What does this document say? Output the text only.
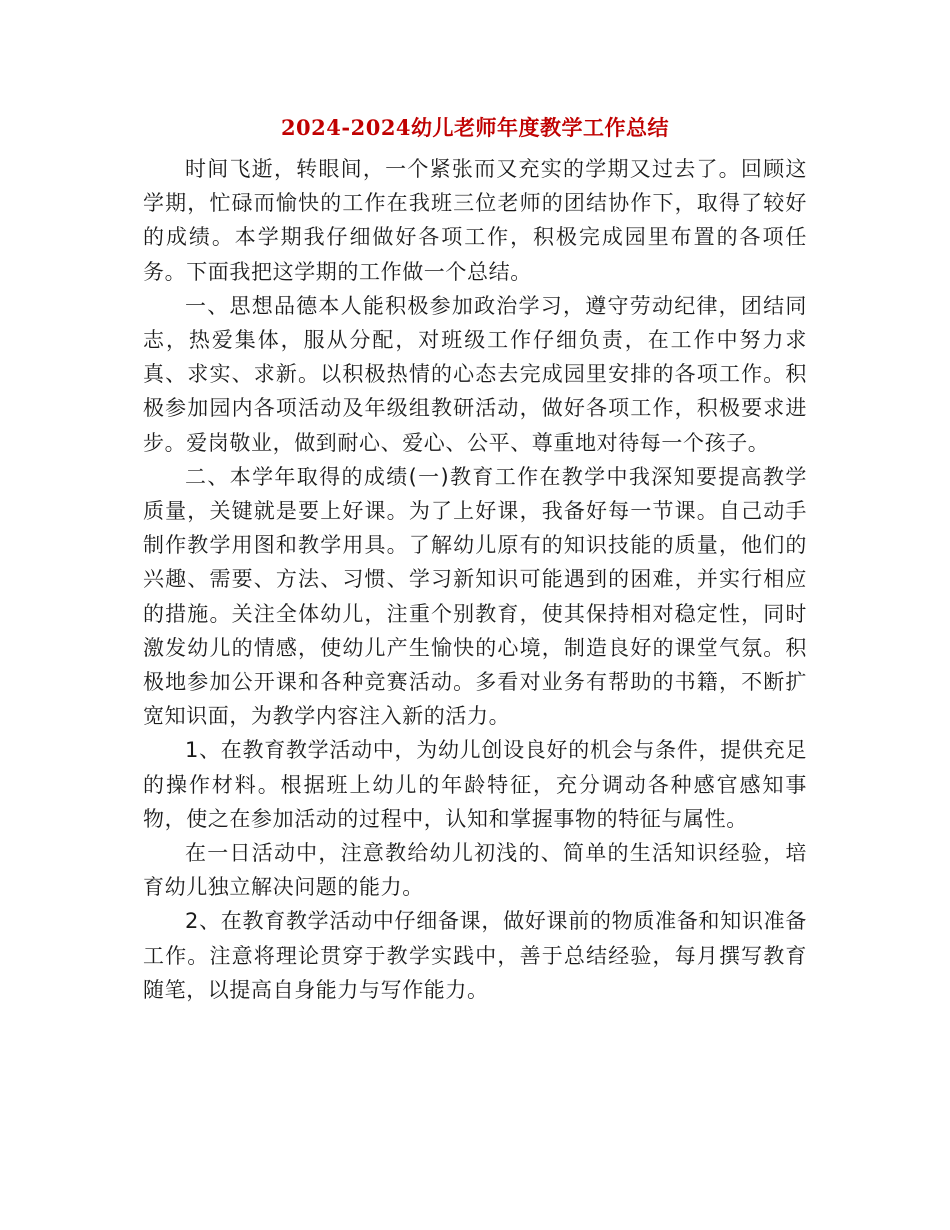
2024-2024幼儿老师年度教学工作总结

时间飞逝，转眼间，一个紧张而又充实的学期又过去了。回顾这学期，忙碌而愉快的工作在我班三位老师的团结协作下，取得了较好的成绩。本学期我仔细做好各项工作，积极完成园里布置的各项任务。下面我把这学期的工作做一个总结。

一、思想品德本人能积极参加政治学习，遵守劳动纪律，团结同志，热爱集体，服从分配，对班级工作仔细负责，在工作中努力求真、求实、求新。以积极热情的心态去完成园里安排的各项工作。积极参加园内各项活动及年级组教研活动，做好各项工作，积极要求进步。爱岗敬业，做到耐心、爱心、公平、尊重地对待每一个孩子。

二、本学年取得的成绩(一)教育工作在教学中我深知要提高教学质量，关键就是要上好课。为了上好课，我备好每一节课。自己动手制作教学用图和教学用具。了解幼儿原有的知识技能的质量，他们的兴趣、需要、方法、习惯、学习新知识可能遇到的困难，并实行相应的措施。关注全体幼儿，注重个别教育，使其保持相对稳定性，同时激发幼儿的情感，使幼儿产生愉快的心境，制造良好的课堂气氛。积极地参加公开课和各种竞赛活动。多看对业务有帮助的书籍，不断扩宽知识面，为教学内容注入新的活力。

1、在教育教学活动中，为幼儿创设良好的机会与条件，提供充足的操作材料。根据班上幼儿的年龄特征，充分调动各种感官感知事物，使之在参加活动的过程中，认知和掌握事物的特征与属性。

在一日活动中，注意教给幼儿初浅的、简单的生活知识经验，培育幼儿独立解决问题的能力。

2、在教育教学活动中仔细备课，做好课前的物质准备和知识准备工作。注意将理论贯穿于教学实践中，善于总结经验，每月撰写教育随笔，以提高自身能力与写作能力。
